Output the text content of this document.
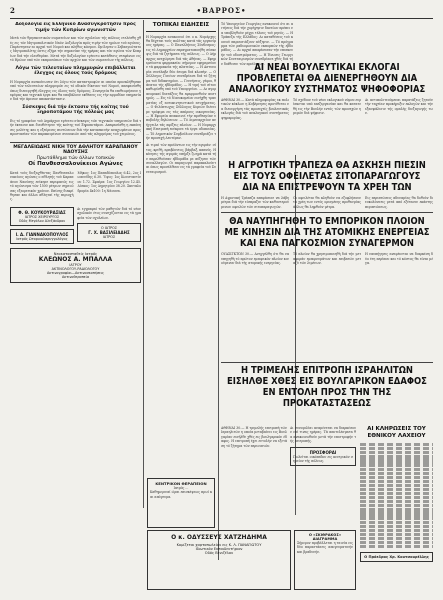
2	•ΒΑΡΡΟΣ•
Δοξολογία εις Ελληνικό Ανασυγκρότησιν πρός τιμήν τών Κυπρίων αγωνιστών
Μετά τών θρησκευτικών σωματείων και τών σχολείων τής πόλεως ετελέσθη χθές εις τόν Μητροπολιτικόν Ναόν Δοξολογία πρός τιμήν τών ηρώων τού αγώνος. Παρέστησαν αι αρχαί τού Νομού και πλήθος κόσμου. Ωμίλησεν ο Σεβασμιώτατος Μητροπολίτης όστις εξήρε τήν σημασίαν τής ημέρας και τόν αγώνα τών Κυπρίων διά τήν ελευθερίαν. Μετά τήν δοξολογίαν εγένετο κατάθεσις στεφάνων εις τό Ηρώον υπό τών εκπροσώπων τών αρχών και τών σωματείων τής πόλεως.
Λόγω τών τελευταίων πλημμυρών επιβάλλεται έλεγχος εις όλους τούς δρόμους
Η Νομαρχία ανεκοίνωσεν ότι λόγω τών καταστροφών αι οποίαι προεκλήθησαν υπό τών τελευταίων πλημμυρών εις τό οδικόν δίκτυον τού Νομού, απεφασίσθη όπως διενεργηθή έλεγχος εις όλους τούς δρόμους. Συνεργεία θα επιθεωρήσουν γεφύρας και τεχνικά έργα και θα υποβάλουν εκθέσεις εις τήν αρμοδίαν υπηρεσίαν διά τήν άμεσον αποκατάστασιν.
Σύσκεψις διά τήν έκτασιν τής κοίτης τού Ξηροποτάμου τής πόλεώς μας
Εις τό γραφείον τού Δημάρχου εγένετο σύσκεψις τών τεχνικών υπηρεσιών διά τήν έκτασιν και διευθέτησιν τής κοίτης τού Ξηροποτάμου. Απεφασίσθη η εκπόνησις μελέτης και η εξεύρεσις πιστώσεων διά τήν κατασκευήν αναχωμάτων προς προστασίαν τών παρακειμένων συνοικιών από τάς πλημμύρας τού χειμώνος.
ΜΕΓΑΛΕΙΩΔΗΣ ΝΙΚΗ ΤΟΥ ΑΘΛΗΤΟΥ ΚΑΡΑΠΑΝΟΥ ΝΑΟΥΣΗΣ
Πρωτάθλημα τών άλλων τοπικών
Οί Πανθεσσαλονίκειοι Αγώνες
Κατά τούς διεξαχθέντας Πανθεσσαλονικείους αγώνας ο αθλητής τού Καραπάνου Ναούσης ενίκησε περιφανώς εις τό αγώνισμα τών 1500 μέτρων σημειώσας εξαιρετικόν χρόνον. Επίσης διεκρίθησαν και άλλοι αθληταί τής περιοχής.
Μήκος: 1ος Παπαδόπουλος 6.42, 2ος Ιωαννίδης 6.30. Ύψος: 1ος Κωνσταντίνου 1.72. Σφαίρα: 1ος Γεωργίου 12.45. Δίσκος: 1ος Δημητρίου 38.20. Σκυταλοδρομία 4x100: 1η Νάουσα.
Φ. Θ. ΚΟΥΚΟΥΡΑΣΙΑΣ
ΙΑΤΡΟΣ ΧΕΙΡΟΥΡΓΟΣ
Οδός Μεγάλου Αλεξάνδρου
Ι. Δ. ΓΙΑΝΝΑΚΟΠΟΥΛΟΣ
Ιατρός Ωτορινολαρυγγολόγος
Αι εγγραφαί τών μαθητών διά τό νέον σχολικόν έτος συνεχίζονται εις τά γραφεία τών σχολείων.
Ο ΙΑΤΡΟΣ
Γ. Χ. ΒΑΣΙΛΕΙΑΔΗΣ
ΙΑΤΡΟΣ
Νεοκατασταθείς Ιατρός
ΚΛΕΩΝΟΣ Α. ΜΠΑΛΛΑ
ΙΑΤΡΟΥ
ΑΚΤΙΝΟΛΟΓΟΥ-ΡΑΔΙΟΛΟΓΟΥ
Ακτινογραφίαι—Ακτινοσκοπήσεις
Ακτινοθεραπεία
ΤΟΠΙΚΑΙ ΕΙΔΗΣΕΙΣ
Η Νομαρχία ανακοινοί ότι ο κ. Νομάρχης θα δέχεται τούς πολίτας κατά τάς εργασίμους ημέρας. — Ο Πανελλήνιος Σύνδεσμος: εις τό Δημαρχείον επραγματοποιήθη σύσκεψις διά τά ζητήματα τής πόλεως. — Ο Δήμαρχος ανεχώρησε διά τάς Αθήνας. — Εφημερεύοντα φαρμακεία: σήμερον εφημερεύουν τά φαρμακεία τής πλατείας. — Η Αστυνομία συνέλαβε δύο άτομα διά κλοπήν. — Ο Σύλλογος Γονέων συνεδρίασε διά τό ζήτημα τού διδακτηρίου. — Γεννήσεις, γάμοι, θάνατοι τής εβδομάδος. — Η τιμή τού σίτου καθωρίσθη υπό τού Υπουργείου. — Αι αγορανομικαί διατάξεις θα εφαρμοσθούν αυστηρώς. — Εις τό Νοσοκομείον εισήχθη τραυματίας εξ αυτοκινητιστικού ατυχήματος. — Ο Φιλόπτωχος Σύλλογος Κυριών διένειμε τρόφιμα εις τάς απόρους οικογενείας. — Η Εφορεία ανακοινοί τήν προθεσμίαν υποβολής δηλώσεων. — Τό Λιμεναρχείον ανήγγειλε τάς αφίξεις πλοίων. — Η Νομαρχιακή Επιτροπή ενέκρινε τά έργα οδοποιίας. — Τό Δημοτικόν Συμβούλιον συνεδριάζει τήν προσεχή Δευτέραν.
Αι τιμαί τών προϊόντων εις τήν αγοράν: σίτος, κριθή, αραβόσιτος, βάμβαξ, καπνός. Η κίνησις τής αγοράς υπήρξε ζωηρά κατά τήν παρελθούσαν εβδομάδα με αύξησιν τών συναλλαγών. Οι παραγωγοί παρακαλούνται όπως προσέλθουν εις τά γραφεία τού Συνεταιρισμού.
Τό Υπουργείον Γεωργίας ανακοινοί ότι αι αιτήσεις διά τήν χορήγησιν δανείων πρέπει να υποβληθούν μέχρι τέλους τού μηνός. — Η Τράπεζα τής Ελλάδος: Αι καταθέσεις τού κοινού παρουσιάζουν αύξησιν. — Τό πρόγραμμα τών ραδιοφωνικών εκπομπών τής εβδομάδος. — Αι αρχαί αποφάσισαν τήν επισκευήν τού οδοστρώματος. — Η Ένωσις Γεωργικών Συνεταιρισμών συνεδρίασε χθές διά τήν διάθεσιν τών προϊόντων.
ΑΙ ΝΕΑΙ ΒΟΥΛΕΥΤΙΚΑΙ ΕΚΛΟΓΑΙ
ΠΡΟΒΛΕΠΕΤΑΙ ΘΑ ΔΙΕΝΕΡΓΗΘΟΥΝ ΔΙΑ
ΑΝΑΛΟΓΙΚΟΥ ΣΥΣΤΗΜΑΤΟΣ ΨΗΦΟΦΟΡΙΑΣ
ΑΘΗΝΑΙ 30.— Κατά πληροφορίας εκ πολιτικών κύκλων η Κυβέρνησις προτίθεται να διενεργήση τάς προσεχείς βουλευτικάς εκλογάς διά τού αναλογικού συστήματος ψηφοφορίας.
Τό σχέδιον τού νέου εκλογικού νόμου ευρίσκεται υπό επεξεργασίαν και θα κατατεθή εις τήν Βουλήν εντός τών προσεχών ημερών διά ψήφισιν.
Αι αντιπολιτευόμεναι παρατάξεις ζητούν τήν ταχείαν προκήρυξιν εκλογών και τήν εξασφάλισιν τής ομαλής διεξαγωγής των.
Η ΑΓΡΟΤΙΚΗ ΤΡΑΠΕΖΑ ΘΑ ΑΣΚΗΣΗ ΠΙΕΣΙΝ
ΕΙΣ ΤΟΥΣ ΟΦΕΙΛΕΤΑΣ ΣΙΤΟΠΑΡΑΓΩΓΟΥΣ
ΔΙΑ ΝΑ ΕΠΙΣΤΡΕΨΟΥΝ ΤΑ ΧΡΕΗ ΤΩΝ
Η Αγροτική Τράπεζα απεφάσισε να λάβη μέτρα διά τήν είσπραξιν τών καθυστερούμενων οφειλών τών σιτοπαραγωγών.
Οι οφειλέται θα κληθούν να εξοφλήσουν τά χρέη των εντός ορισμένης προθεσμίας άλλως θα ληφθούν μέτρα.
Εις περιπτώσεις αδυναμίας θα δοθούν διευκολύνσεις μετά από εξέτασιν εκάστης περιπτώσεως.
ΘΑ ΝΑΥΠΗΓΗΘΗ ΤΟ ΕΜΠΟΡΙΚΟΝ ΠΛΟΙΟΝ
ΜΕ ΚΙΝΗΣΙΝ ΔΙΑ ΤΗΣ ΑΤΟΜΙΚΗΣ ΕΝΕΡΓΕΙΑΣ
ΚΑΙ ΕΝΑ ΠΑΓΚΟΣΜΙΟΝ ΣΥΝΑΓΕΡΜΟΝ
ΟΥΑΣΙΓΚΤΩΝ 30.— Ανηγγέλθη ότι θα ναυπηγηθή τό πρώτον εμπορικόν πλοίον κινούμενον διά τής ατομικής ενεργείας.
Τό πλοίον θα χρησιμοποιηθή διά τήν μεταφοράν εμπορευμάτων και επιβατών μεταξύ τών λιμένων.
Η ναυπήγησις αναμένεται να διαρκέση δύο έτη περίπου και τό κόστος θα είναι μέγα.
Η ΤΡΙΜΕΛΗΣ ΕΠΙΤΡΟΠΗ ΙΣΡΑΗΛΙΤΩΝ
ΕΙΣΗΛΘΕ ΧΘΕΣ ΕΙΣ ΒΟΥΛΓΑΡΙΚΟΝ ΕΔΑΦΟΣ
ΕΝ ΕΝΤΟΛΗ ΠΡΟΣ ΤΗΝ ΤΗΣ ΠΡΟΚΑΤΑΣΤΑΣΕΩΣ
ΑΘΗΝΑΙ 30.— Η τριμελής επιτροπή τών Ισραηλιτών η οποία μεταβαίνει εις Βουλγαρίαν εισήλθε χθές εις βουλγαρικόν έδαφος. Η επιτροπή έχει εντολήν να εξετάση τό ζήτημα τών περιουσιών.
Αι συνομιλίαι αναμένεται να διαρκέσουν επί τινας ημέρας. Τά αποτελέσματα θα ανακοινωθούν μετά τήν επιστροφήν τής επιτροπής.
ΠΡΟΣΦΟΡΑΙ
Πωλείται οικόπεδον εις κεντρικόν σημείον τής πόλεως.
ΑΙ ΚΛΗΡΩΣΕΙΣ ΤΟΥ ΕΘΝΙΚΟΥ ΛΑΧΕΙΟΥ
Ο Πρόεδρος Χρ. Κουτσουρέλλης
ΚΕΝΤΡΙΚΟΝ ΘΕΡΑΠΕΙΟΝ
Ιατρός ...
Καθημεριναί ώραι επισκέψεως πρωί και απόγευμα.
Ο κ. ΟΔΥΣΣΕΥΣ ΧΑΤΖΗΔΗΜΑ
Κομίζεται χαρτοπωλείον εις Κ. Λ. ΠΑΝΑΓΙΩΤΟΥ
Ιδιωτικόν Εκπαιδευτήριον
Οδός Βενιζέλου
Ο «ΣΚΙΘΡΑΚΟΣ» ΔΙΑΓΡΑΜΜΑ
Σήμερον προβάλλεται η ταινία εις δύο παραστάσεις απογευματινήν και βραδυνήν.
